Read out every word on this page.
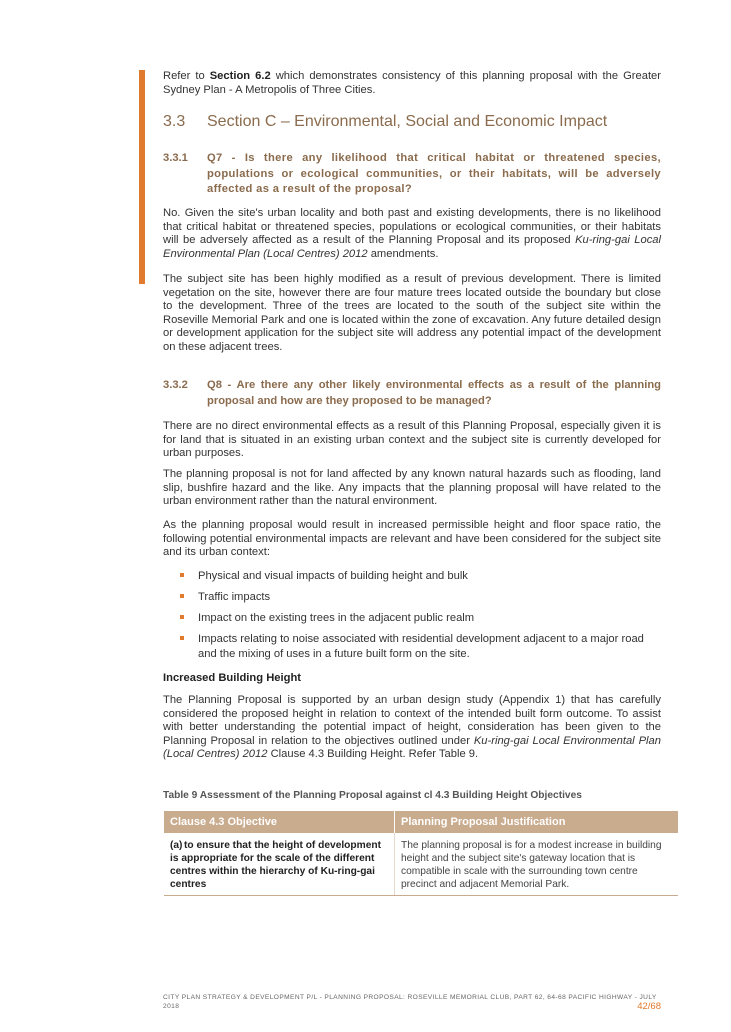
Refer to Section 6.2 which demonstrates consistency of this planning proposal with the Greater Sydney Plan - A Metropolis of Three Cities.

3.3 Section C – Environmental, Social and Economic Impact
3.3.1 Q7 - Is there any likelihood that critical habitat or threatened species, populations or ecological communities, or their habitats, will be adversely affected as a result of the proposal?

No. Given the site's urban locality and both past and existing developments, there is no likelihood that critical habitat or threatened species, populations or ecological communities, or their habitats will be adversely affected as a result of the Planning Proposal and its proposed Ku-ring-gai Local Environmental Plan (Local Centres) 2012 amendments.

The subject site has been highly modified as a result of previous development. There is limited vegetation on the site, however there are four mature trees located outside the boundary but close to the development. Three of the trees are located to the south of the subject site within the Roseville Memorial Park and one is located within the zone of excavation. Any future detailed design or development application for the subject site will address any potential impact of the development on these adjacent trees.

3.3.2 Q8 - Are there any other likely environmental effects as a result of the planning proposal and how are they proposed to be managed?

There are no direct environmental effects as a result of this Planning Proposal, especially given it is for land that is situated in an existing urban context and the subject site is currently developed for urban purposes.

The planning proposal is not for land affected by any known natural hazards such as flooding, land slip, bushfire hazard and the like. Any impacts that the planning proposal will have related to the urban environment rather than the natural environment.

As the planning proposal would result in increased permissible height and floor space ratio, the following potential environmental impacts are relevant and have been considered for the subject site and its urban context:

Physical and visual impacts of building height and bulk
Traffic impacts
Impact on the existing trees in the adjacent public realm
Impacts relating to noise associated with residential development adjacent to a major road and the mixing of uses in a future built form on the site.
Increased Building Height

The Planning Proposal is supported by an urban design study (Appendix 1) that has carefully considered the proposed height in relation to context of the intended built form outcome. To assist with better understanding the potential impact of height, consideration has been given to the Planning Proposal in relation to the objectives outlined under Ku-ring-gai Local Environmental Plan (Local Centres) 2012 Clause 4.3 Building Height. Refer Table 9.

Table 9 Assessment of the Planning Proposal against cl 4.3 Building Height Objectives
Clause 4.3 Objective	Planning Proposal Justification
(a) to ensure that the height of development is appropriate for the scale of the different centres within the hierarchy of Ku-ring-gai centres	The planning proposal is for a modest increase in building height and the subject site's gateway location that is compatible in scale with the surrounding town centre precinct and adjacent Memorial Park.
CITY PLAN STRATEGY & DEVELOPMENT P/L - PLANNING PROPOSAL: ROSEVILLE MEMORIAL CLUB, PART 62, 64-68 PACIFIC HIGHWAY - JULY 2018	42/68
